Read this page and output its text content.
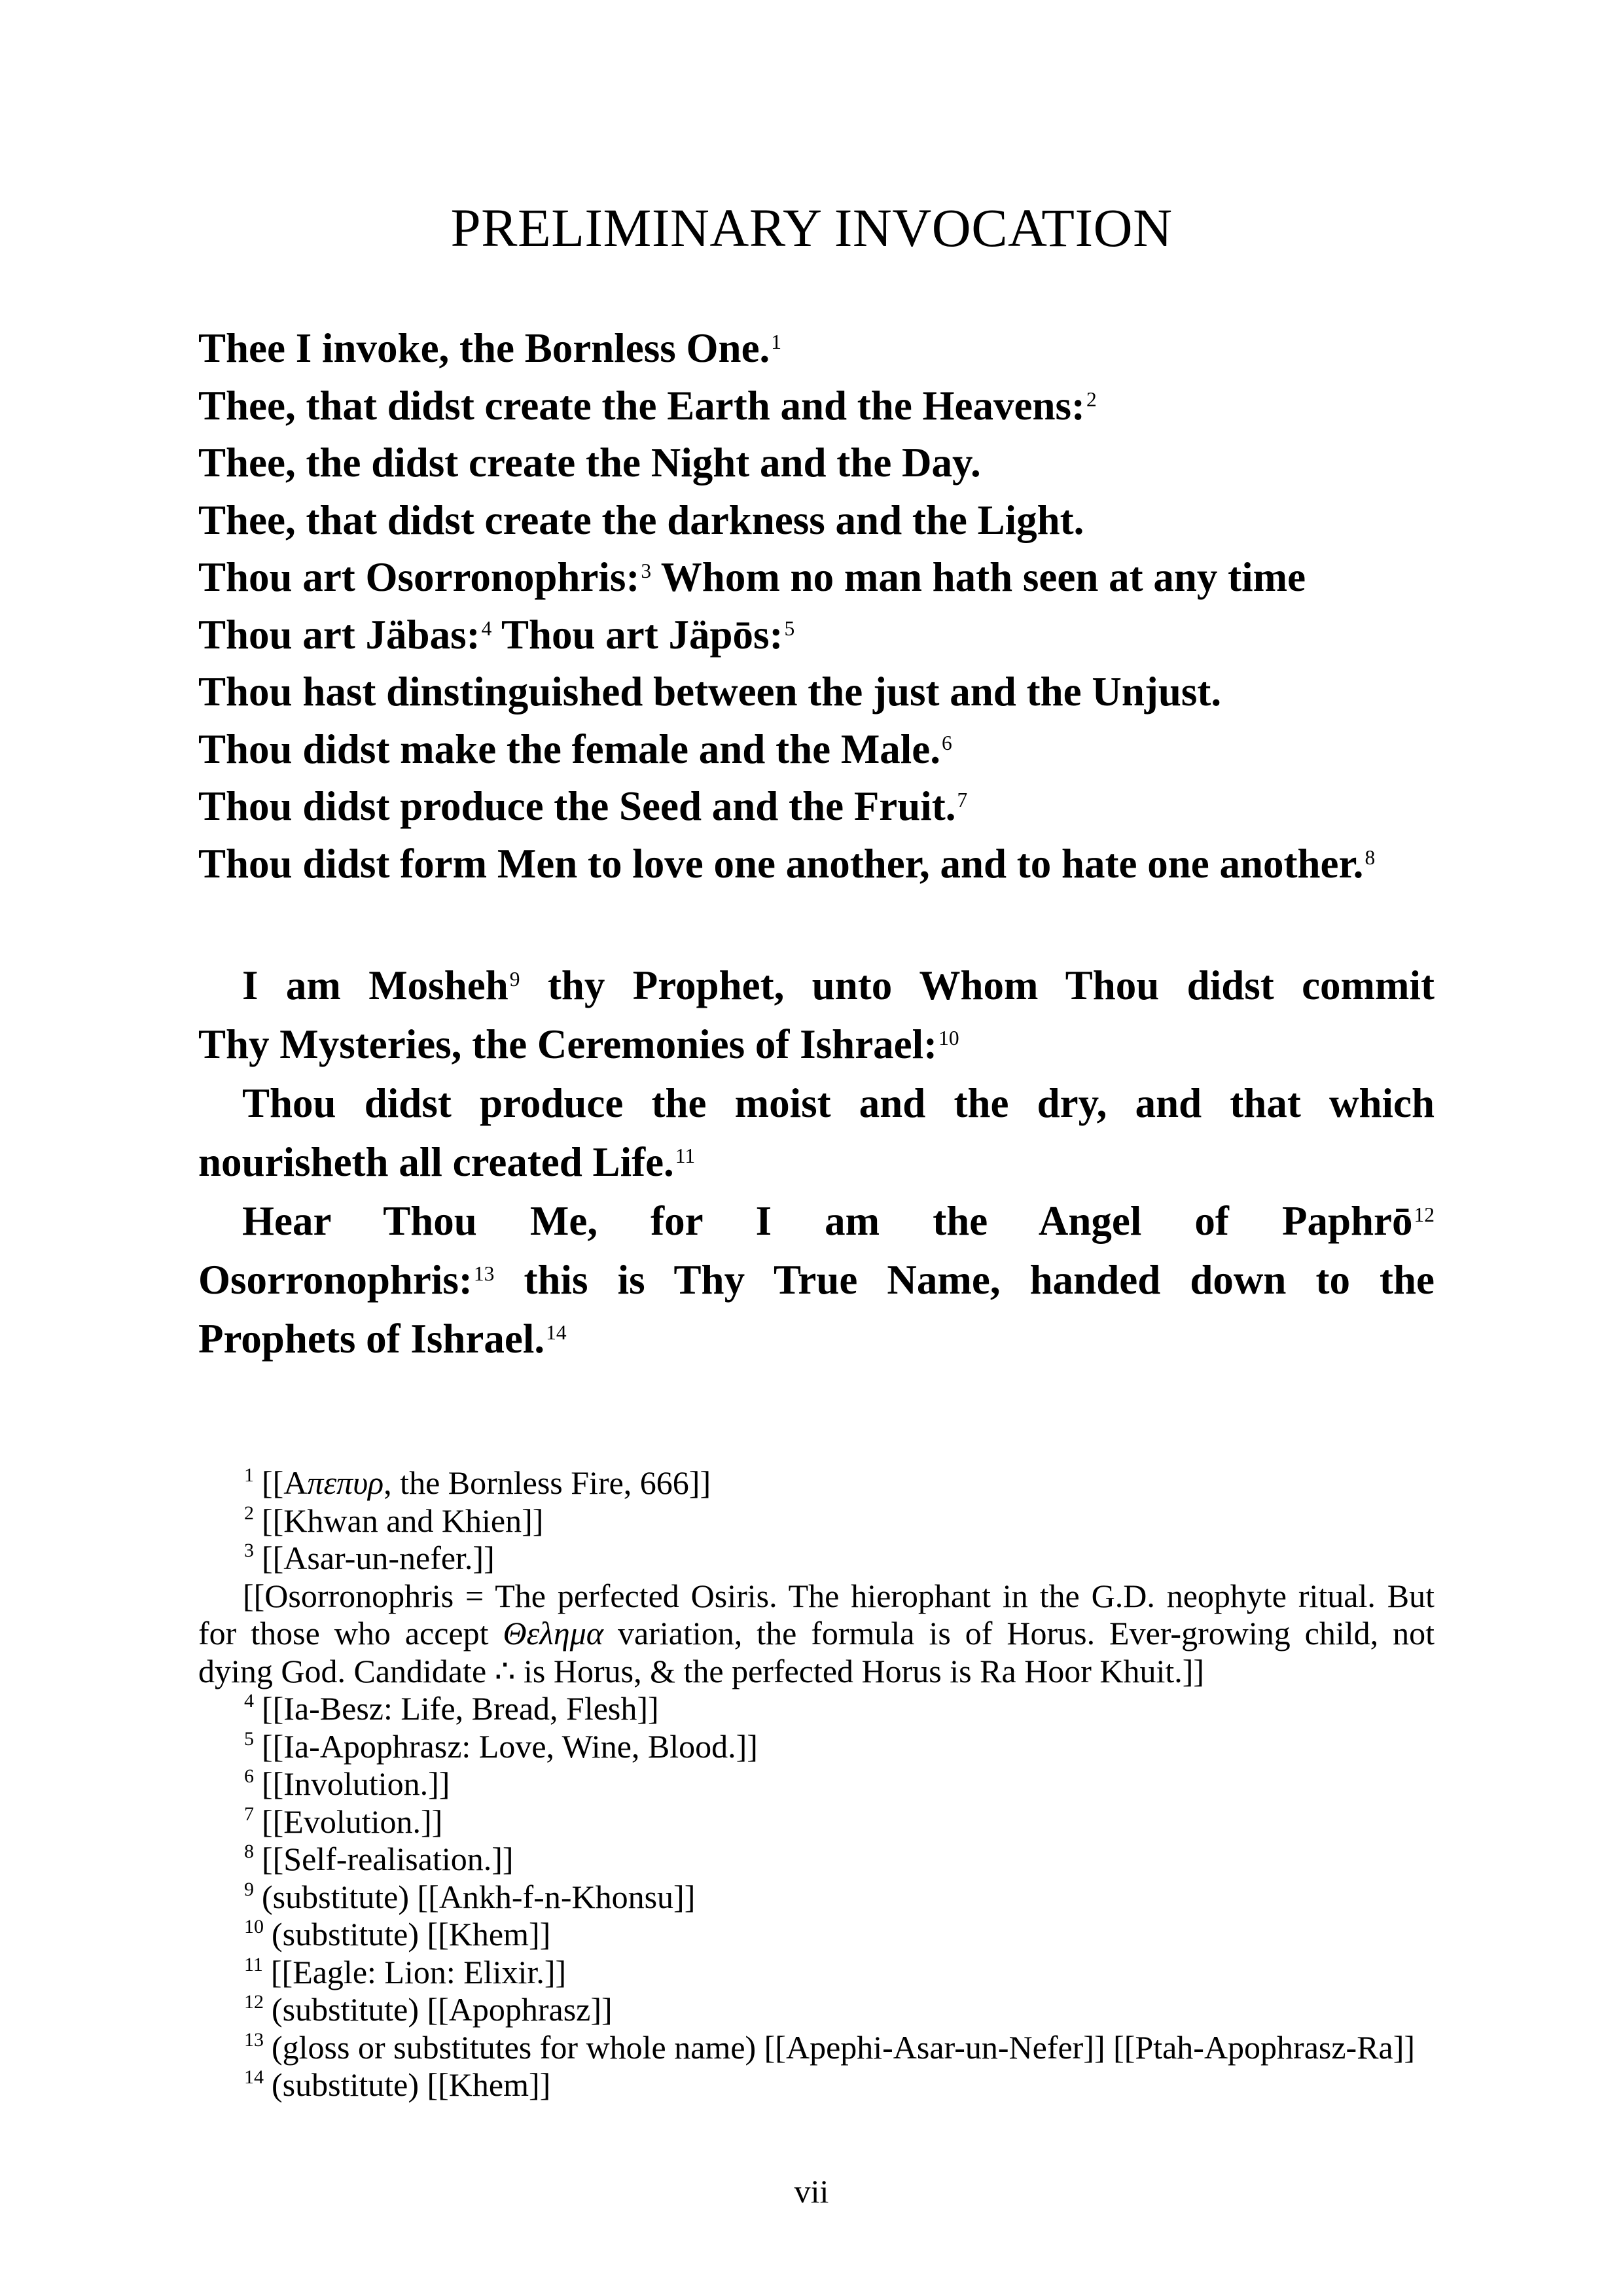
PRELIMINARY INVOCATION
Thee I invoke, the Bornless One.$^1$
Thee, that didst create the Earth and the Heavens:$^2$
Thee, the didst create the Night and the Day.
Thee, that didst create the darkness and the Light.
Thou art Osorronophris:$^3$ Whom no man hath seen at any time
Thou art Jäbas:$^4$ Thou art Jäpōs:$^5$
Thou hast dinstinguished between the just and the Unjust.
Thou didst make the female and the Male.$^6$
Thou didst produce the Seed and the Fruit.$^7$
Thou didst form Men to love one another, and to hate one another.$^8$
I am Mosheh$^9$ thy Prophet, unto Whom Thou didst commit
Thy Mysteries, the Ceremonies of Ishrael:$^{10}$
Thou didst produce the moist and the dry, and that which
nourisheth all created Life.$^{11}$
Hear Thou Me, for I am the Angel of Paphrō$^{12}$
Osorronophris:$^{13}$ this is Thy True Name, handed down to the
Prophets of Ishrael.$^{14}$
$^1$ [[Aπεπυρ, the Bornless Fire, 666]]
$^2$ [[Khwan and Khien]]
$^3$ [[Asar-un-nefer.]]
[[Osorronophris = The perfected Osiris. The hierophant in the G.D. neophyte ritual. But
for those who accept Θελημα variation, the formula is of Horus. Ever-growing child, not
dying God. Candidate ∴ is Horus, & the perfected Horus is Ra Hoor Khuit.]]
$^4$ [[Ia-Besz: Life, Bread, Flesh]]
$^5$ [[Ia-Apophrasz: Love, Wine, Blood.]]
$^6$ [[Involution.]]
$^7$ [[Evolution.]]
$^8$ [[Self-realisation.]]
$^9$ (substitute) [[Ankh-f-n-Khonsu]]
$^{10}$ (substitute) [[Khem]]
$^{11}$ [[Eagle: Lion: Elixir.]]
$^{12}$ (substitute) [[Apophrasz]]
$^{13}$ (gloss or substitutes for whole name) [[Apephi-Asar-un-Nefer]] [[Ptah-Apophrasz-Ra]]
$^{14}$ (substitute) [[Khem]]
vii
